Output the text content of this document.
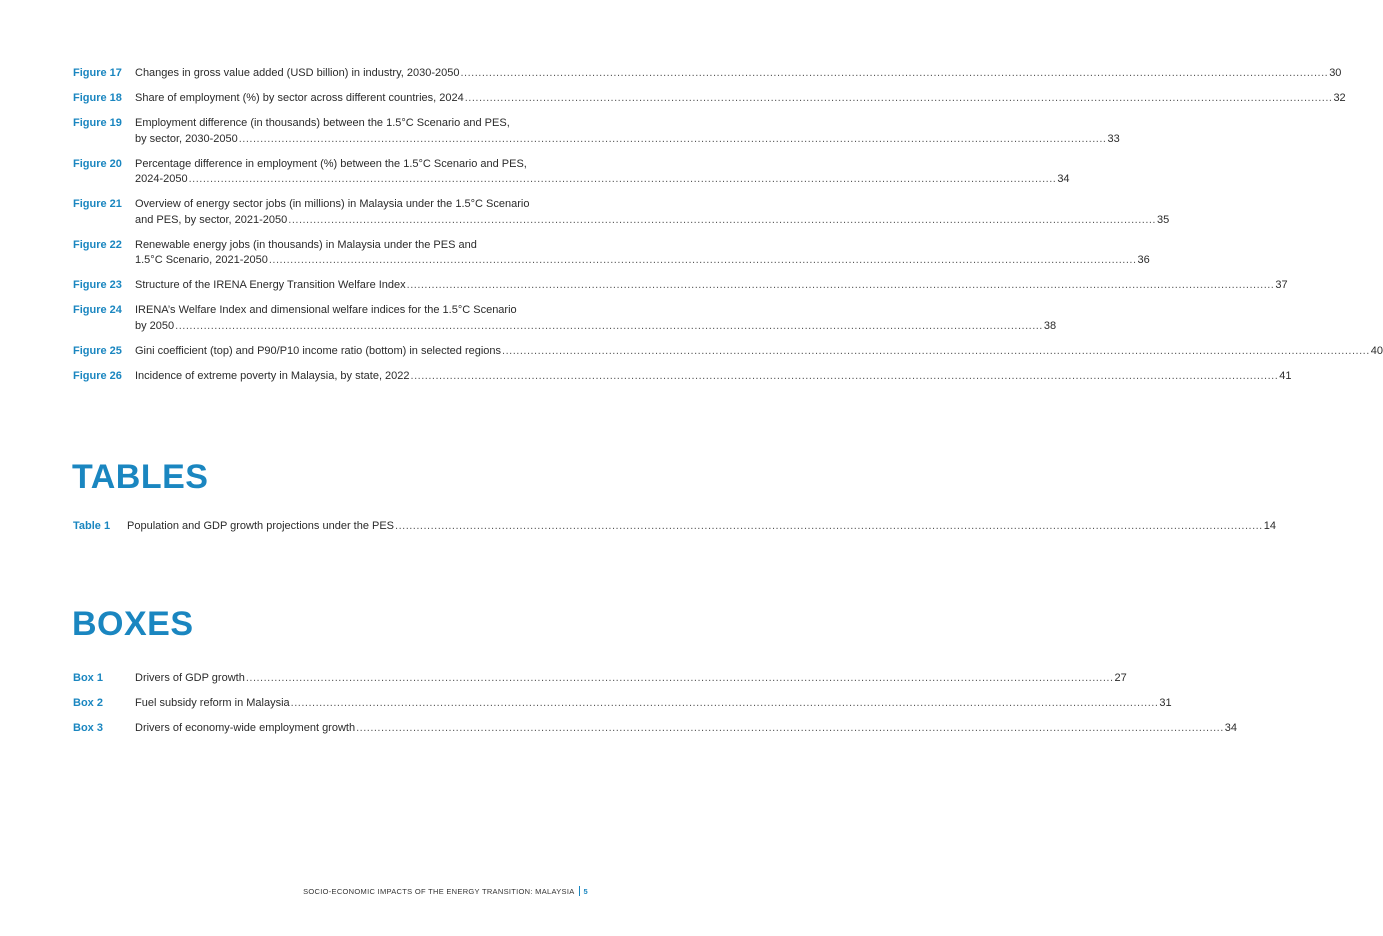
Figure 17	Changes in gross value added (USD billion) in industry, 2030-2050 .....	30
Figure 18	Share of employment (%) by sector across different countries, 2024 .....	32
Figure 19	Employment difference (in thousands) between the 1.5°C Scenario and PES,
by sector, 2030-2050 .....	33
Figure 20	Percentage difference in employment (%) between the 1.5°C Scenario and PES,
2024-2050 .....	34
Figure 21	Overview of energy sector jobs (in millions) in Malaysia under the 1.5°C Scenario
and PES, by sector, 2021-2050 .....	35
Figure 22	Renewable energy jobs (in thousands) in Malaysia under the PES and
1.5°C Scenario, 2021-2050 .....	36
Figure 23	Structure of the IRENA Energy Transition Welfare Index .....	37
Figure 24	IRENA’s Welfare Index and dimensional welfare indices for the 1.5°C Scenario
by 2050 .....	38
Figure 25	Gini coefficient (top) and P90/P10 income ratio (bottom) in selected regions .....	40
Figure 26	Incidence of extreme poverty in Malaysia, by state, 2022 .....	41
TABLES
Table 1	Population and GDP growth projections under the PES .....	14
BOXES
Box 1	Drivers of GDP growth .....	27
Box 2	Fuel subsidy reform in Malaysia .....	31
Box 3	Drivers of economy-wide employment growth .....	34
SOCIO-ECONOMIC IMPACTS OF THE ENERGY TRANSITION: MALAYSIA 5
